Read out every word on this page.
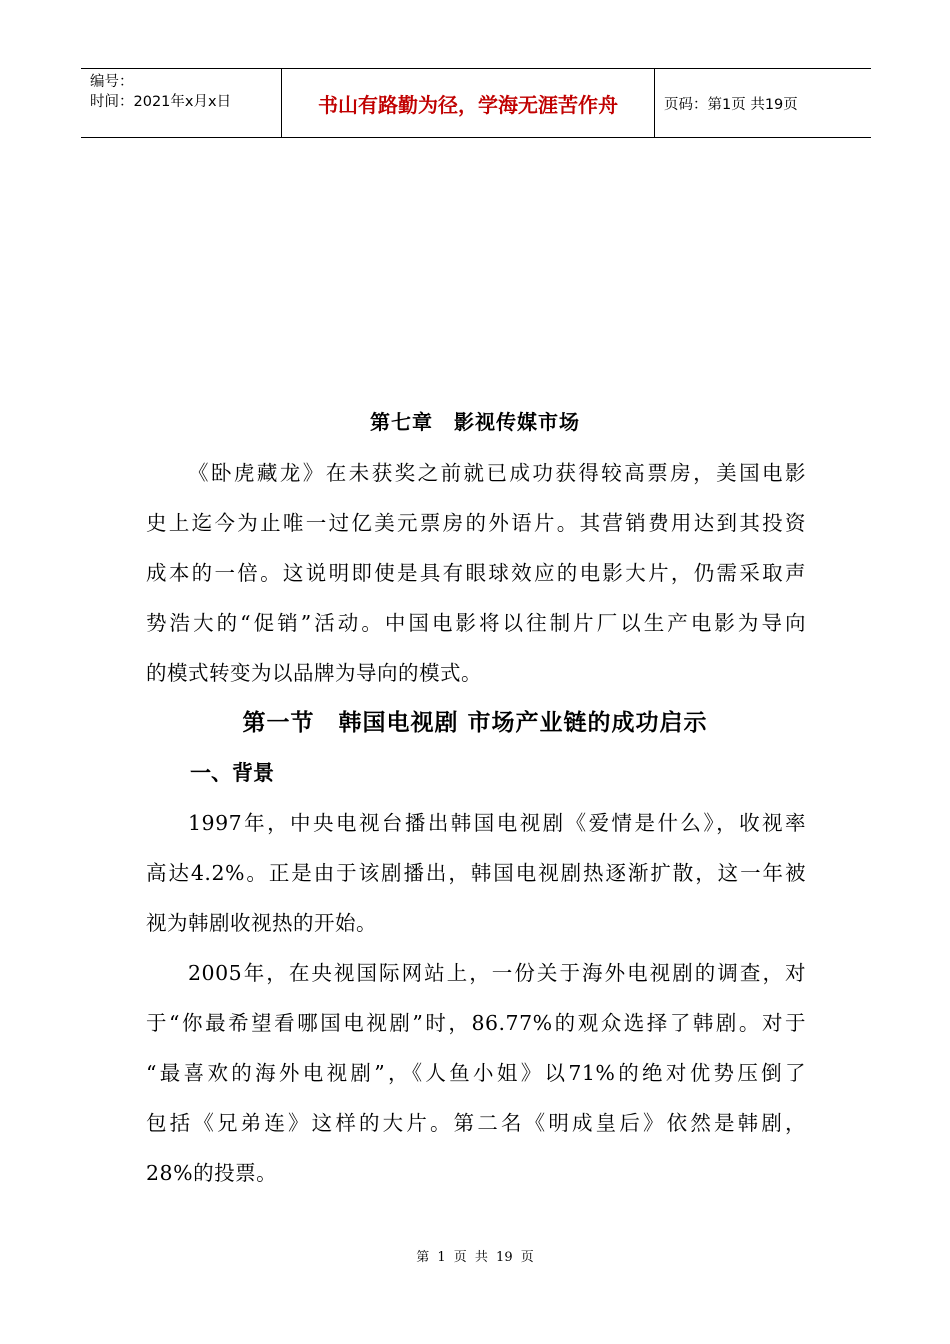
编号：
时间：2021年x月x日	书山有路勤为径，学海无涯苦作舟	页码：第1页 共19页
第七章　影视传媒市场
《卧虎藏龙》在未获奖之前就已成功获得较高票房，美国电影
史上迄今为止唯一过亿美元票房的外语片。其营销费用达到其投资
成本的一倍。这说明即使是具有眼球效应的电影大片，仍需采取声
势浩大的“促销”活动。中国电影将以往制片厂以生产电影为导向
的模式转变为以品牌为导向的模式。
第一节　韩国电视剧 市场产业链的成功启示
一、背景
1997年，中央电视台播出韩国电视剧《爱情是什么》，收视率
高达4.2%。正是由于该剧播出，韩国电视剧热逐渐扩散，这一年被
视为韩剧收视热的开始。
2005年，在央视国际网站上，一份关于海外电视剧的调查，对
于“你最希望看哪国电视剧”时，86.77%的观众选择了韩剧。对于
“最喜欢的海外电视剧”，《人鱼小姐》以71%的绝对优势压倒了
包括《兄弟连》这样的大片。第二名《明成皇后》依然是韩剧，
28%的投票。
第 1 页 共 19 页
